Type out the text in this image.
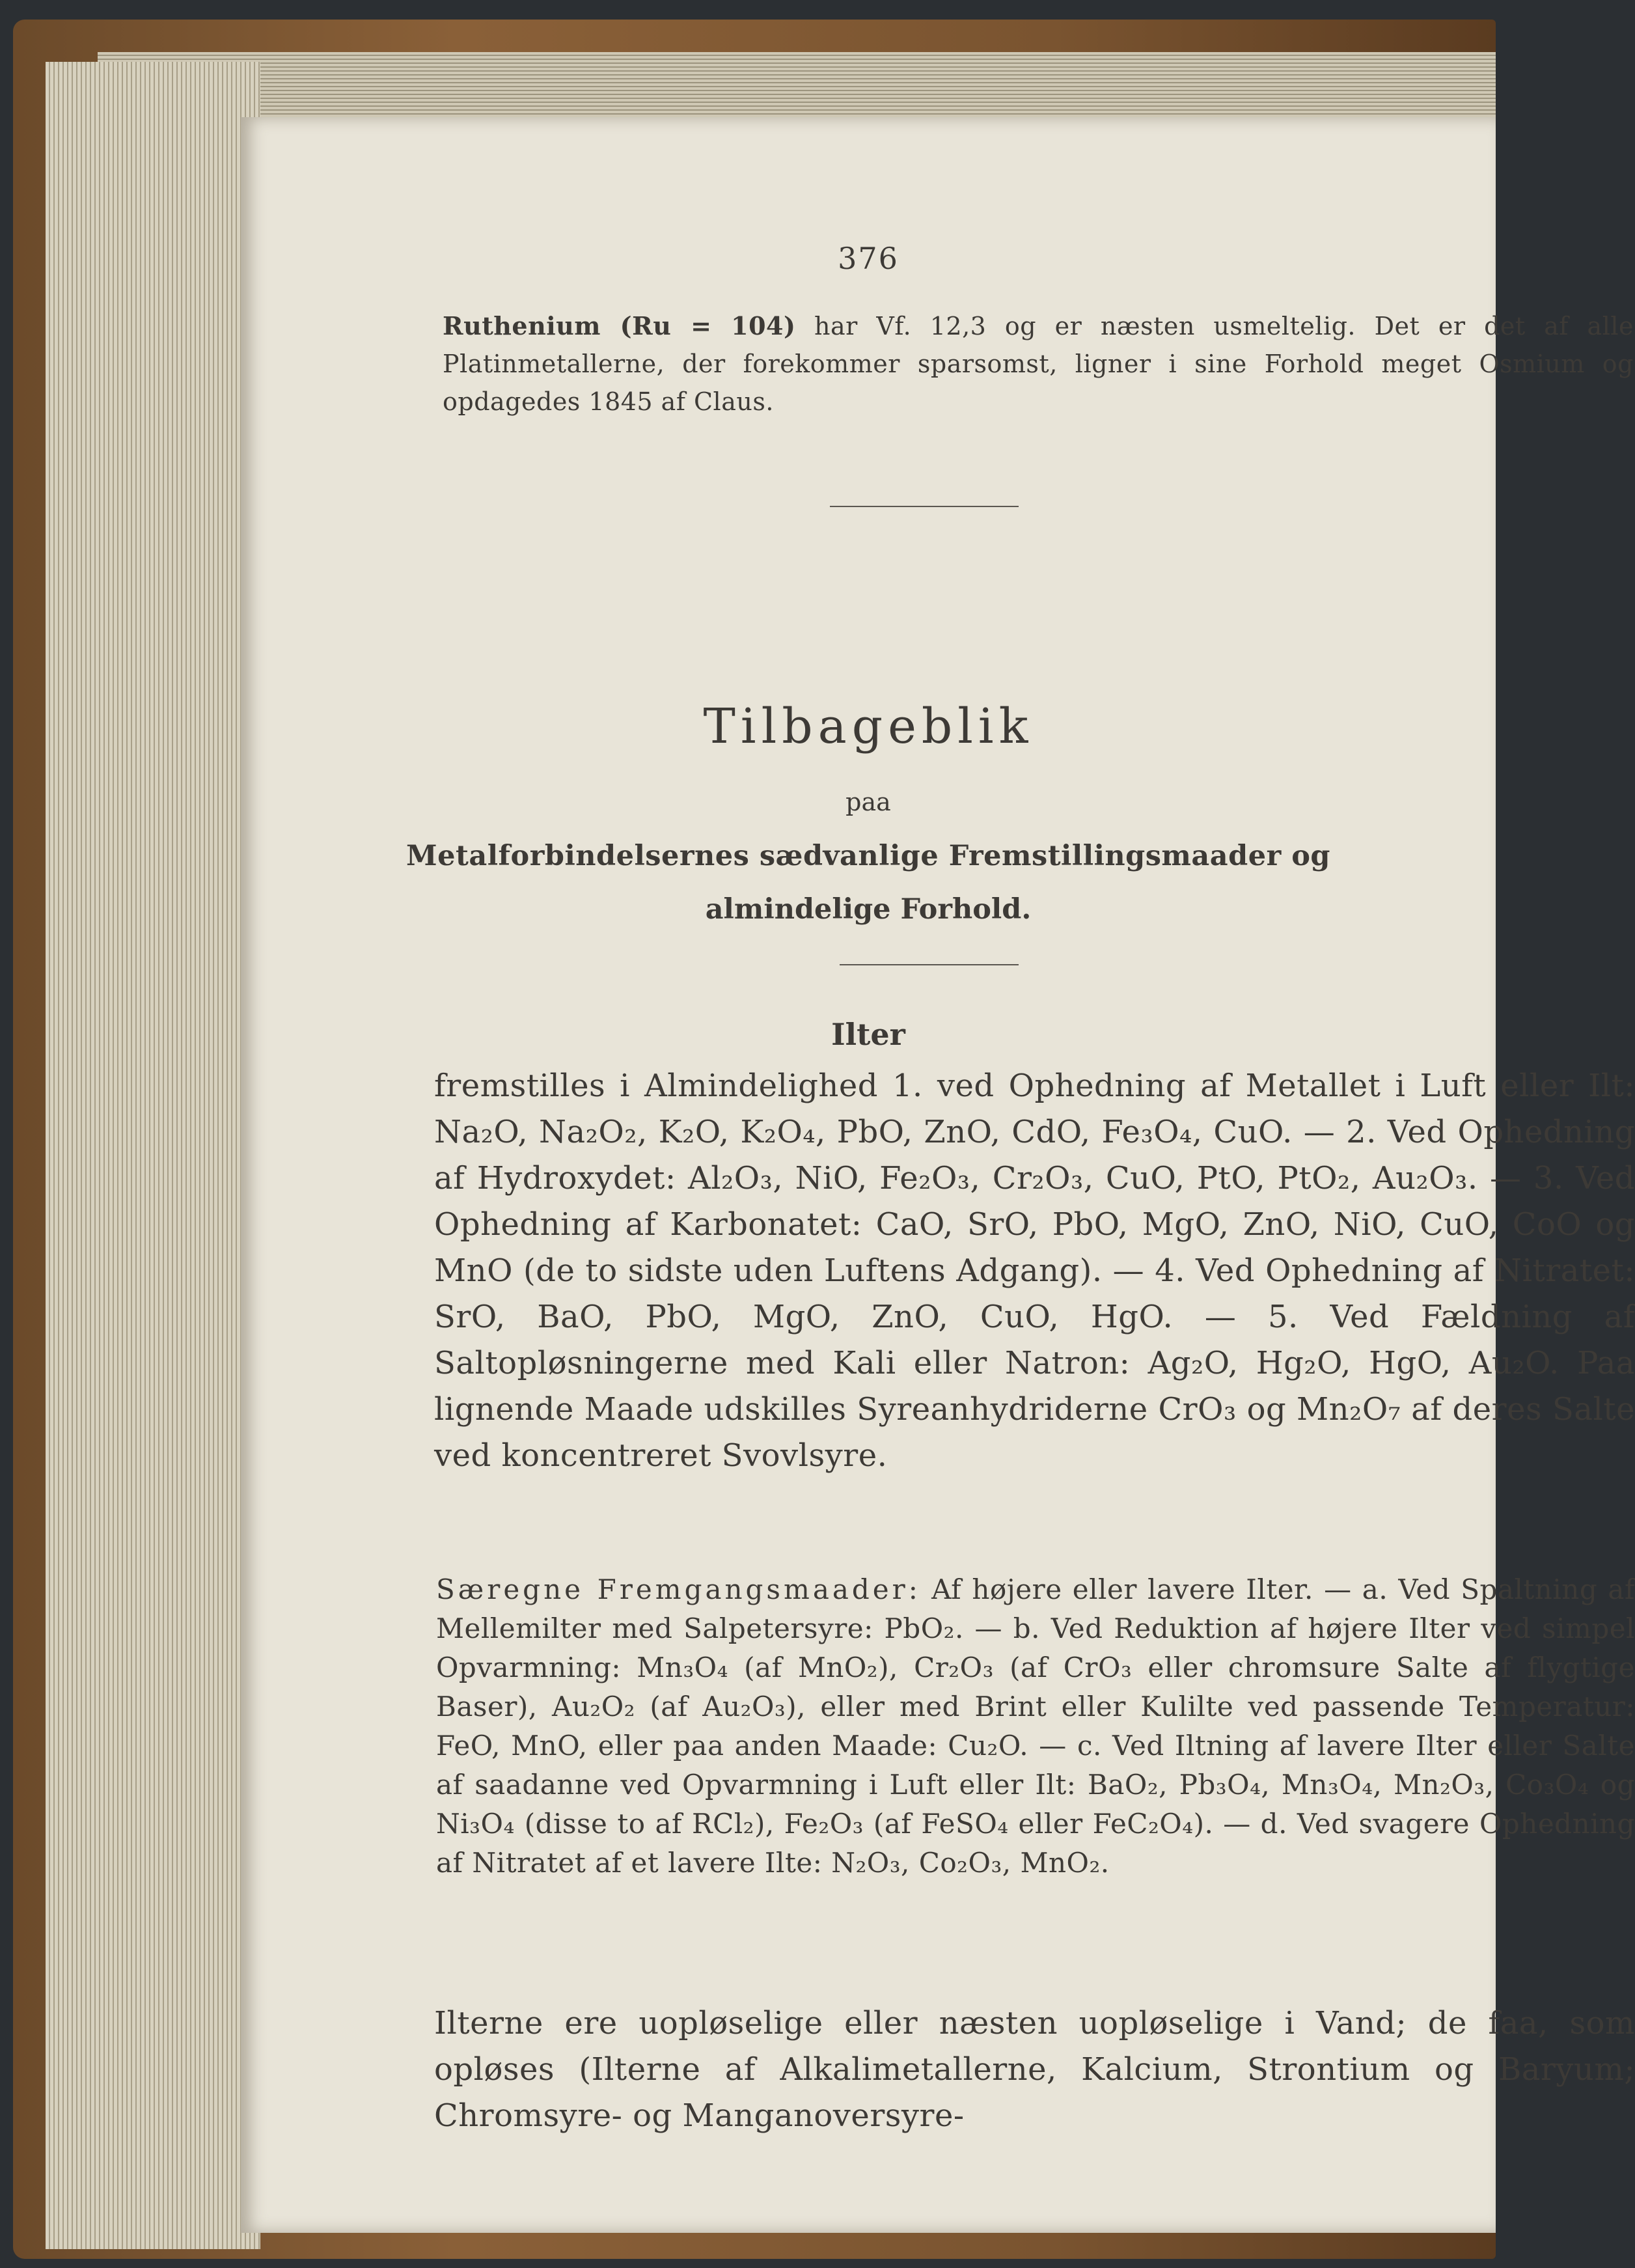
376
Ruthenium (Ru = 104) har Vf. 12,3 og er næsten usmeltelig. Det er det af alle Platinmetallerne, der forekommer sparsomst, ligner i sine Forhold meget Osmium og opdagedes 1845 af Claus.
Tilbageblik
paa
Metalforbindelsernes sædvanlige Fremstillingsmaader og
almindelige Forhold.
Ilter
fremstilles i Almindelighed 1. ved Ophedning af Metallet i Luft eller Ilt: Na₂O, Na₂O₂, K₂O, K₂O₄, PbO, ZnO, CdO, Fe₃O₄, CuO. — 2. Ved Ophedning af Hydroxydet: Al₂O₃, NiO, Fe₂O₃, Cr₂O₃, CuO, PtO, PtO₂, Au₂O₃. — 3. Ved Ophedning af Karbonatet: CaO, SrO, PbO, MgO, ZnO, NiO, CuO, CoO og MnO (de to sidste uden Luftens Adgang). — 4. Ved Ophedning af Nitratet: SrO, BaO, PbO, MgO, ZnO, CuO, HgO. — 5. Ved Fældning af Saltopløsningerne med Kali eller Natron: Ag₂O, Hg₂O, HgO, Au₂O. Paa lignende Maade udskilles Syreanhydriderne CrO₃ og Mn₂O₇ af deres Salte ved koncentreret Svovlsyre.
Særegne Fremgangsmaader: Af højere eller lavere Ilter. — a. Ved Spaltning af Mellemilter med Salpetersyre: PbO₂. — b. Ved Reduktion af højere Ilter ved simpel Opvarmning: Mn₃O₄ (af MnO₂), Cr₂O₃ (af CrO₃ eller chromsure Salte af flygtige Baser), Au₂O₂ (af Au₂O₃), eller med Brint eller Kulilte ved passende Temperatur: FeO, MnO, eller paa anden Maade: Cu₂O. — c. Ved Iltning af lavere Ilter eller Salte af saadanne ved Opvarmning i Luft eller Ilt: BaO₂, Pb₃O₄, Mn₃O₄, Mn₂O₃, Co₃O₄ og Ni₃O₄ (disse to af RCl₂), Fe₂O₃ (af FeSO₄ eller FeC₂O₄). — d. Ved svagere Ophedning af Nitratet af et lavere Ilte: N₂O₃, Co₂O₃, MnO₂.
Ilterne ere uopløselige eller næsten uopløselige i Vand; de faa, som opløses (Ilterne af Alkalimetallerne, Kalcium, Strontium og Baryum; Chromsyre- og Manganoversyre-
